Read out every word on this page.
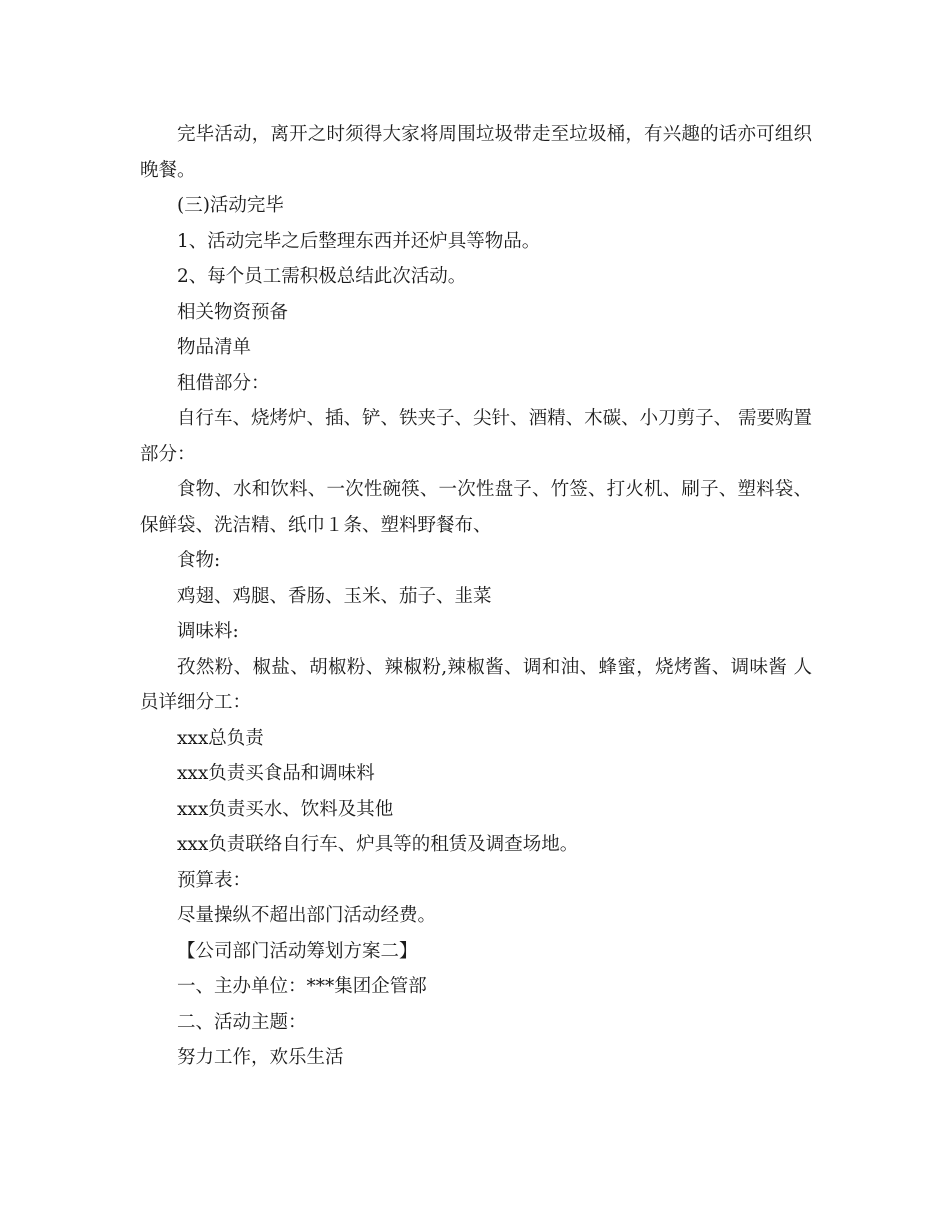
完毕活动，离开之时须得大家将周围垃圾带走至垃圾桶，有兴趣的话亦可组织晚餐。

(三)活动完毕

1、活动完毕之后整理东西并还炉具等物品。

2、每个员工需积极总结此次活动。

相关物资预备

物品清单

租借部分：

自行车、烧烤炉、插、铲、铁夹子、尖针、酒精、木碳、小刀剪子、 需要购置部分：

食物、水和饮料、一次性碗筷、一次性盘子、竹签、打火机、刷子、塑料袋、保鲜袋、洗洁精、纸巾１条、塑料野餐布、

食物:

鸡翅、鸡腿、香肠、玉米、茄子、韭菜

调味料:

孜然粉、椒盐、胡椒粉、辣椒粉,辣椒酱、调和油、蜂蜜，烧烤酱、调味酱 人员详细分工：

xxx总负责

xxx负责买食品和调味料

xxx负责买水、饮料及其他

xxx负责联络自行车、炉具等的租赁及调查场地。

预算表：

尽量操纵不超出部门活动经费。

【公司部门活动筹划方案二】

一、主办单位：***集团企管部

二、活动主题：

努力工作，欢乐生活
